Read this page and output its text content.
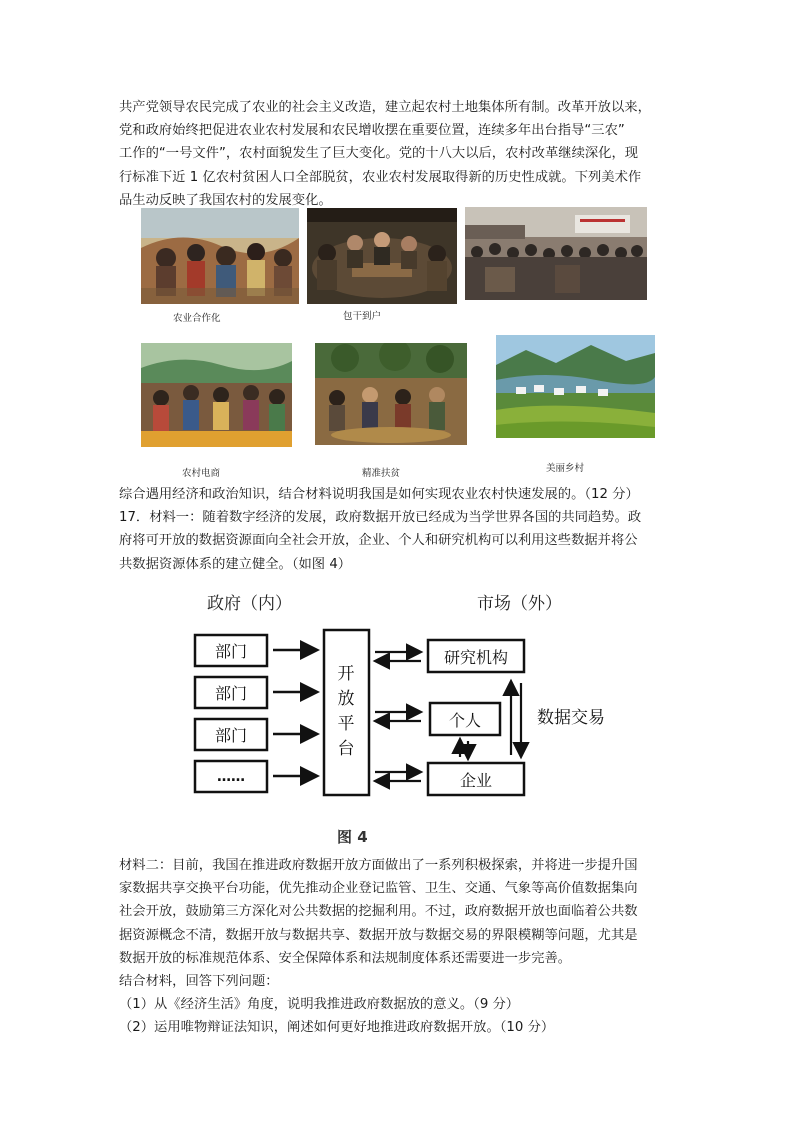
共产党领导农民完成了农业的社会主义改造，建立起农村土地集体所有制。改革开放以来，
党和政府始终把促进农业农村发展和农民增收摆在重要位置，连续多年出台指导“三农”
工作的“一号文件”，农村面貌发生了巨大变化。党的十八大以后，农村改革继续深化，现
行标准下近 1 亿农村贫困人口全部脱贫，农业农村发展取得新的历史性成就。下列美术作
品生动反映了我国农村的发展变化。
农业合作化	包干到户
农村电商	精准扶贫	美丽乡村
综合遇用经济和政治知识，结合材料说明我国是如何实现农业农村快速发展的。（12 分）
17．材料一：随着数字经济的发展，政府数据开放已经成为当学世界各国的共同趋势。政
府将可开放的数据资源面向全社会开放，企业、个人和研究机构可以利用这些数据并将公
共数据资源体系的建立健全。（如图 4）
政府（内）	市场（外）
部门
部门
部门
……
开
放
平
台
研究机构
个人
企业
数据交易
图 4
材料二：目前，我国在推进政府数据开放方面做出了一系列积极探索，并将进一步提升国
家数据共享交换平台功能，优先推动企业登记监管、卫生、交通、气象等高价值数据集向
社会开放，鼓励第三方深化对公共数据的挖掘利用。不过，政府数据开放也面临着公共数
据资源概念不清，数据开放与数据共享、数据开放与数据交易的界限模糊等问题，尤其是
数据开放的标准规范体系、安全保障体系和法规制度体系还需要进一步完善。
结合材料，回答下列问题：
（1）从《经济生活》角度，说明我推进政府数据放的意义。（9 分）
（2）运用唯物辩证法知识，阐述如何更好地推进政府数据开放。（10 分）
